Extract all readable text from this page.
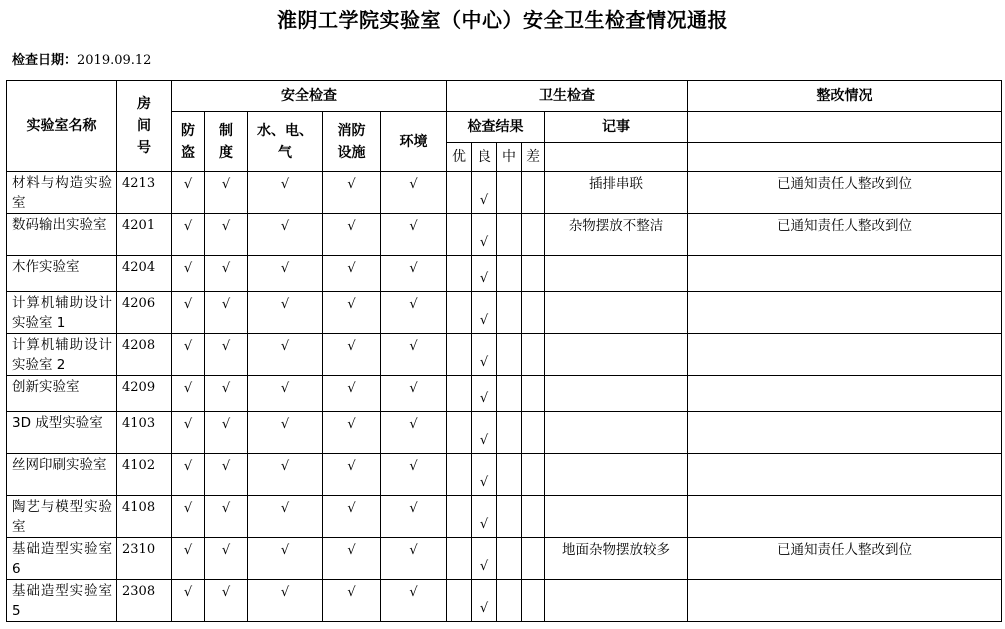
淮阴工学院实验室（中心）安全卫生检查情况通报
检查日期：2019.09.12
实验室名称	房间号	安全检查					卫生检查					整改情况
		防盗	制度	水、电、气	消防设施	环境	检查结果				记事	
							优	良	中	差		
材料与构造实验室	4213	√	√	√	√	√		√			插排串联	已通知责任人整改到位
数码输出实验室	4201	√	√	√	√	√		√			杂物摆放不整洁	已通知责任人整改到位
木作实验室	4204	√	√	√	√	√		√				
计算机辅助设计实验室 1	4206	√	√	√	√	√		√				
计算机辅助设计实验室 2	4208	√	√	√	√	√		√				
创新实验室	4209	√	√	√	√	√		√				
3D 成型实验室	4103	√	√	√	√	√		√				
丝网印刷实验室	4102	√	√	√	√	√		√				
陶艺与模型实验室	4108	√	√	√	√	√		√				
基础造型实验室 6	2310	√	√	√	√	√		√			地面杂物摆放较多	已通知责任人整改到位
基础造型实验室 5	2308	√	√	√	√	√		√				
